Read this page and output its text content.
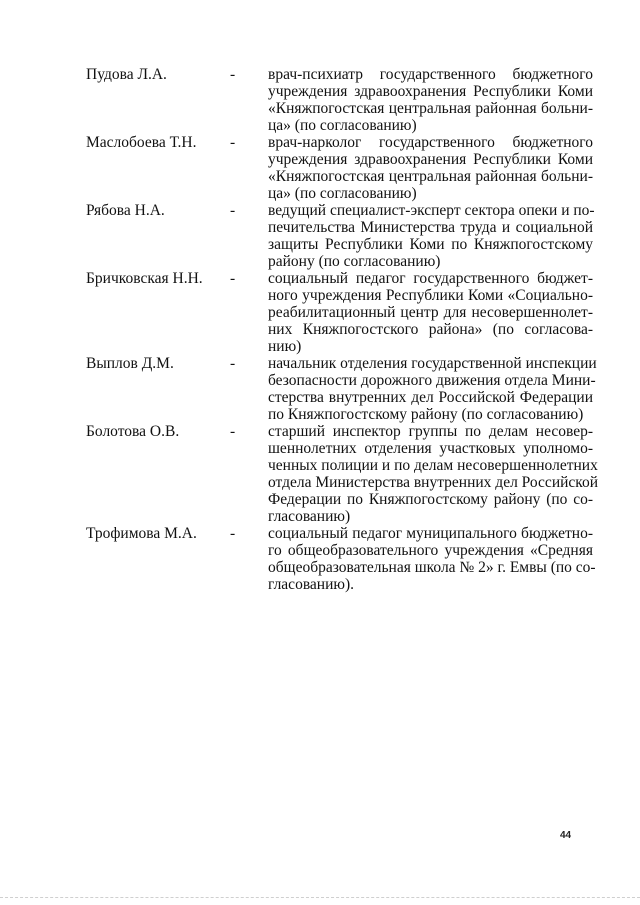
Пудова Л.А.	-	врач-психиатр государственного бюджетного
учреждения здравоохранения Республики Коми
«Княжпогостская центральная районная больни-
ца» (по согласованию)
Маслобоева Т.Н.	-	врач-нарколог государственного бюджетного
учреждения здравоохранения Республики Коми
«Княжпогостская центральная районная больни-
ца» (по согласованию)
Рябова Н.А.	-	ведущий специалист-эксперт сектора опеки и по-
печительства Министерства труда и социальной
защиты Республики Коми по Княжпогостскому
району (по согласованию)
Бричковская Н.Н.	-	социальный педагог государственного бюджет-
ного учреждения Республики Коми «Социально-
реабилитационный центр для несовершеннолет-
них Княжпогостского района» (по согласова-
нию)
Выплов Д.М.	-	начальник отделения государственной инспекции
безопасности дорожного движения отдела Мини-
стерства внутренних дел Российской Федерации
по Княжпогостскому району (по согласованию)
Болотова О.В.	-	старший инспектор группы по делам несовер-
шеннолетних отделения участковых уполномо-
ченных полиции и по делам несовершеннолетних
отдела Министерства внутренних дел Российской
Федерации по Княжпогостскому району (по со-
гласованию)
Трофимова М.А.	-	социальный педагог муниципального бюджетно-
го общеобразовательного учреждения «Средняя
общеобразовательная школа № 2» г. Емвы (по со-
гласованию).
44
